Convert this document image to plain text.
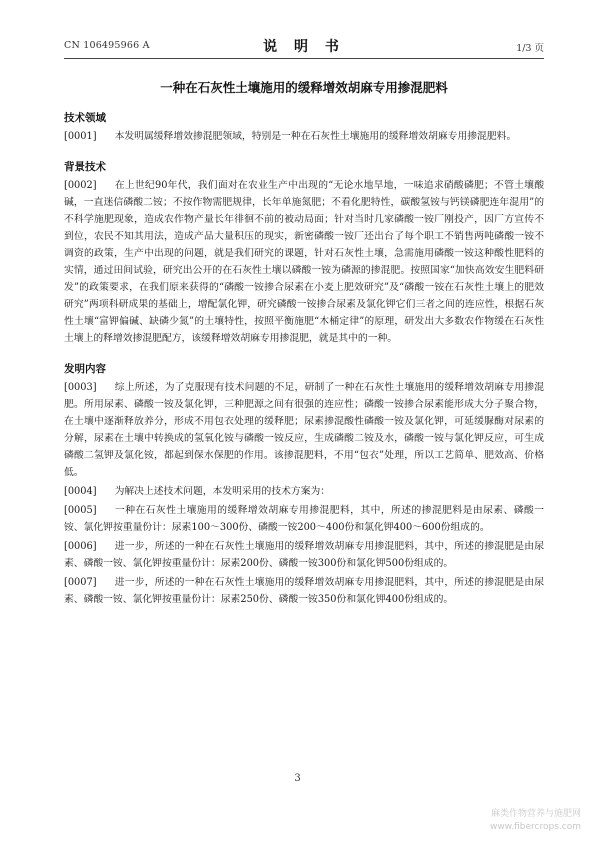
CN 106495966 A	说 明 书	1/3 页
一种在石灰性土壤施用的缓释增效胡麻专用掺混肥料

技术领域

[0001] 本发明属缓释增效掺混肥领域，特别是一种在石灰性土壤施用的缓释增效胡麻专用掺混肥料。

背景技术

[0002] 在上世纪90年代，我们面对在农业生产中出现的“无论水地旱地，一味追求硝酸磷肥；不管土壤酸碱，一直迷信磷酸二铵；不按作物需肥规律，长年单施氮肥；不看化肥特性，碳酸氢铵与钙镁磷肥连年混用”的不科学施肥现象，造成农作物产量长年徘徊不前的被动局面；针对当时几家磷酸一铵厂刚投产，因厂方宣传不到位，农民不知其用法，造成产品大量积压的现实，新密磷酸一铵厂还出台了每个职工不销售两吨磷酸一铵不调资的政策，生产中出现的问题，就是我们研究的课题，针对石灰性土壤，急需施用磷酸一铵这种酸性肥料的实情，通过田间试验，研究出公开的在石灰性土壤以磷酸一铵为磷源的掺混肥。按照国家“加快高效安生肥料研发”的政策要求，在我们原来获得的“磷酸一铵掺合尿素在小麦上肥效研究”及“磷酸一铵在石灰性土壤上的肥效研究”两项科研成果的基础上，增配氯化钾，研究磷酸一铵掺合尿素及氯化钾它们三者之间的连应性，根据石灰性土壤“富钾偏碱、缺磷少氮”的土壤特性，按照平衡施肥“木桶定律”的原理，研发出大多数农作物缓在石灰性土壤上的释增效掺混肥配方，该缓释增效胡麻专用掺混肥，就是其中的一种。

发明内容

[0003] 综上所述，为了克服现有技术问题的不足，研制了一种在石灰性土壤施用的缓释增效胡麻专用掺混肥。所用尿素、磷酸一铵及氯化钾，三种肥源之间有很强的连应性；磷酸一铵掺合尿素能形成大分子聚合物，在土壤中逐渐释放养分，形成不用包衣处理的缓释肥；尿素掺混酸性磷酸一铵及氯化钾，可延缓脲酶对尿素的分解，尿素在土壤中转换成的氢氧化铵与磷酸一铵反应，生成磷酸二铵及水，磷酸一铵与氯化钾反应，可生成磷酸二氢钾及氯化铵，都起到保水保肥的作用。该掺混肥料，不用“包衣”处理，所以工艺简单、肥效高、价格低。

[0004] 为解决上述技术问题，本发明采用的技术方案为：

[0005] 一种在石灰性土壤施用的缓释增效胡麻专用掺混肥料，其中，所述的掺混肥料是由尿素、磷酸一铵、氯化钾按重量份计：尿素100～300份、磷酸一铵200～400份和氯化钾400～600份组成的。

[0006] 进一步，所述的一种在石灰性土壤施用的缓释增效胡麻专用掺混肥料，其中，所述的掺混肥是由尿素、磷酸一铵、氯化钾按重量份计：尿素200份、磷酸一铵300份和氯化钾500份组成的。

[0007] 进一步，所述的一种在石灰性土壤施用的缓释增效胡麻专用掺混肥料，其中，所述的掺混肥是由尿素、磷酸一铵、氯化钾按重量份计：尿素250份、磷酸一铵350份和氯化钾400份组成的。

3
麻类作物营养与施肥网
www.fibercrops.com
